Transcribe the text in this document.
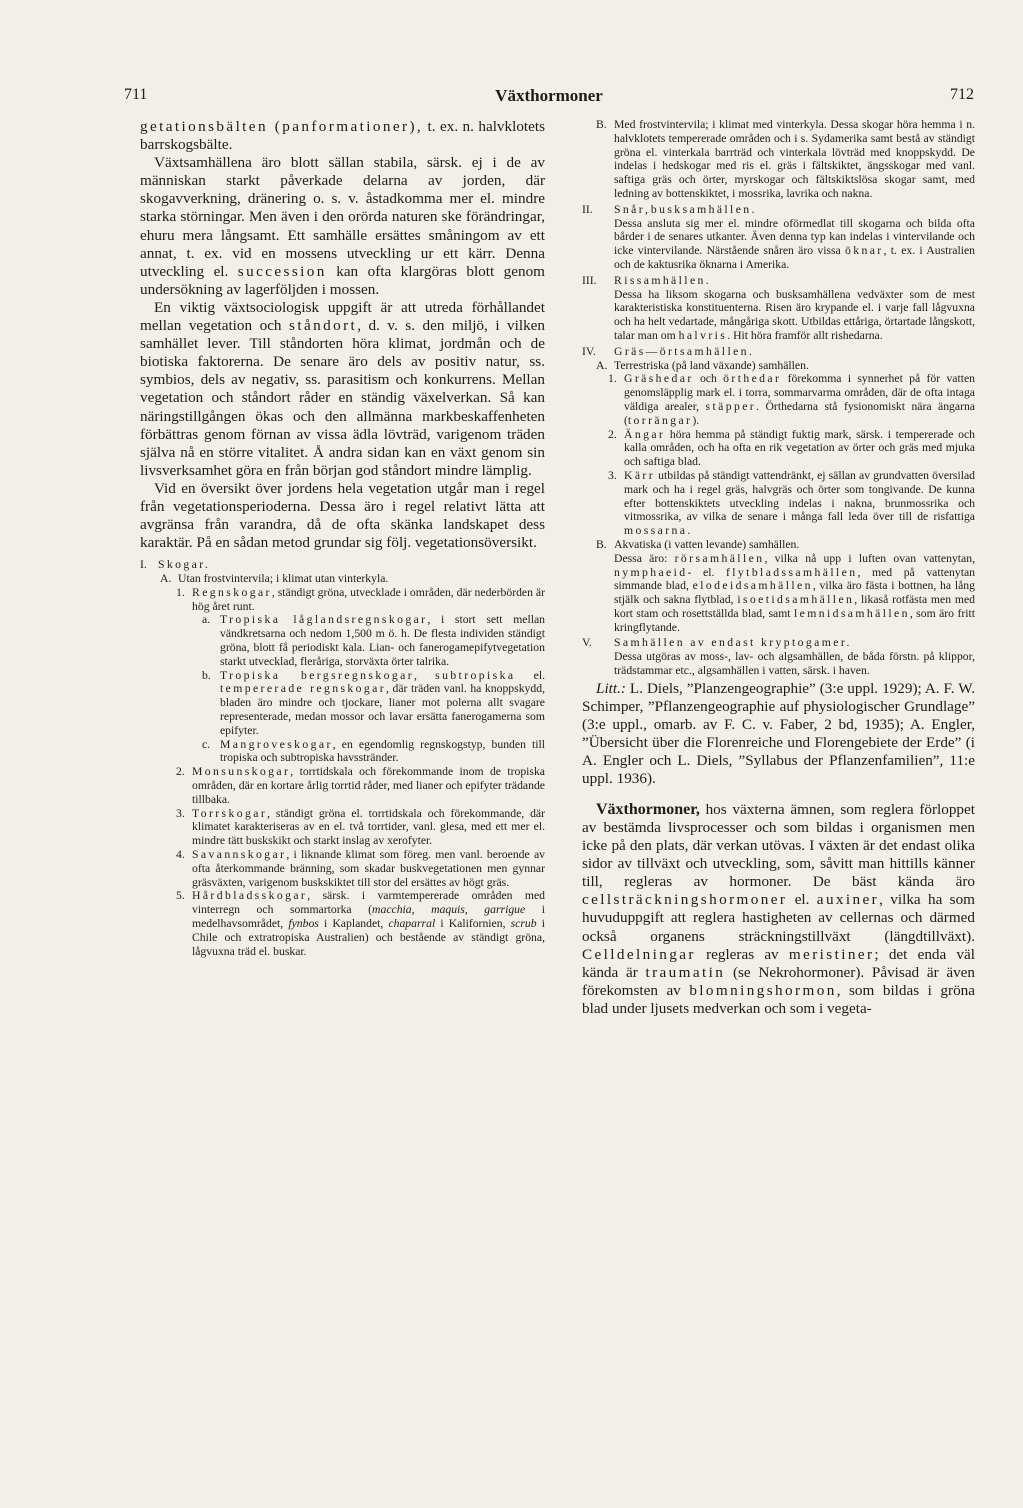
711	Växthormoner	712

getationsbälten (panformationer), t. ex. n. halvklotets barrskogsbälte.

Växtsamhällena äro blott sällan stabila, särsk. ej i de av människan starkt påverkade delarna av jorden, där skogavverkning, dränering o. s. v. åstadkomma mer el. mindre starka störningar. Men även i den orörda naturen ske förändringar, ehuru mera långsamt. Ett samhälle ersättes småningom av ett annat, t. ex. vid en mossens utveckling ur ett kärr. Denna utveckling el. succession kan ofta klargöras blott genom undersökning av lagerföljden i mossen.

En viktig växtsociologisk uppgift är att utreda förhållandet mellan vegetation och ståndort, d. v. s. den miljö, i vilken samhället lever. Till ståndorten höra klimat, jordmån och de biotiska faktorerna. De senare äro dels av positiv natur, ss. symbios, dels av negativ, ss. parasitism och konkurrens. Mellan vegetation och ståndort råder en ständig växelverkan. Så kan näringstillgången ökas och den allmänna markbeskaffenheten förbättras genom förnan av vissa ädla lövträd, varigenom träden själva nå en större vitalitet. Å andra sidan kan en växt genom sin livsverksamhet göra en från början god ståndort mindre lämplig.

Vid en översikt över jordens hela vegetation utgår man i regel från vegetationsperioderna. Dessa äro i regel relativt lätta att avgränsa från varandra, då de ofta skänka landskapet dess karaktär. På en sådan metod grundar sig följ. vegetationsöversikt.

I. Skogar.
A. Utan frostvintervila; i klimat utan vinterkyla.
1. Regnskogar, ständigt gröna, utvecklade i områden, där nederbörden är hög året runt.
a. Tropiska låglandsregnskogar, i stort sett mellan vändkretsarna och nedom 1,500 m ö. h. De flesta individen ständigt gröna, blott få periodiskt kala. Lian- och fanerogamepifytvegetation starkt utvecklad, fleråriga, storväxta örter talrika.
b. Tropiska bergsregnskogar, subtropiska el. tempererade regnskogar, där träden vanl. ha knoppskydd, bladen äro mindre och tjockare, lianer mot polerna allt svagare representerade, medan mossor och lavar ersätta fanerogamerna som epifyter.
c. Mangroveskogar, en egendomlig regnskogstyp, bunden till tropiska och subtropiska havsstränder.
2. Monsunskogar, torrtidskala och förekommande inom de tropiska områden, där en kortare årlig torrtid råder, med lianer och epifyter trädande tillbaka.
3. Torrskogar, ständigt gröna el. torrtidskala och förekommande, där klimatet karakteriseras av en el. två torrtider, vanl. glesa, med ett mer el. mindre tätt buskskikt och starkt inslag av xerofyter.
4. Savannskogar, i liknande klimat som föreg. men vanl. beroende av ofta återkommande bränning, som skadar buskvegetationen men gynnar gräsväxten, varigenom buskskiktet till stor del ersättes av högt gräs.
5. Hårdbladsskogar, särsk. i varmtempererade områden med vinterregn och sommartorka (macchia, maquis, garrigue i medelhavsområdet, fynbos i Kaplandet, chaparral i Kalifornien, scrub i Chile och extratropiska Australien) och bestående av ständigt gröna, lågvuxna träd el. buskar.
B. Med frostvintervila; i klimat med vinterkyla. Dessa skogar höra hemma i n. halvklotets tempererade områden och i s. Sydamerika samt bestå av ständigt gröna el. vinterkala barrträd och vinterkala lövträd med knoppskydd. De indelas i hedskogar med ris el. gräs i fältskiktet, ängsskogar med vanl. saftiga gräs och örter, myrskogar och fältskiktslösa skogar samt, med ledning av bottenskiktet, i mossrika, lavrika och nakna.
II.	Snår, busksamhällen.
Dessa ansluta sig mer el. mindre oförmedlat till skogarna och bilda ofta bårder i de senares utkanter. Även denna typ kan indelas i vintervilande och icke vintervilande. Närstående snåren äro vissa öknar, t. ex. i Australien och de kaktusrika öknarna i Amerika.
III.	Rissamhällen.
Dessa ha liksom skogarna och busksamhällena vedväxter som de mest karakteristiska konstituenterna. Risen äro krypande el. i varje fall lågvuxna och ha helt vedartade, mångåriga skott. Utbildas ettåriga, örtartade långskott, talar man om halvris. Hit höra framför allt rishedarna.
IV.	Gräs—örtsamhällen.
A. Terrestriska (på land växande) samhällen.
1. Gräshedar och örthedar förekomma i synnerhet på för vatten genomsläpplig mark el. i torra, sommarvarma områden, där de ofta intaga väldiga arealer, stäpper. Örthedarna stå fysionomiskt nära ängarna (torrängar).
2. Ängar höra hemma på ständigt fuktig mark, särsk. i tempererade och kalla områden, och ha ofta en rik vegetation av örter och gräs med mjuka och saftiga blad.
3. Kärr utbildas på ständigt vattendränkt, ej sällan av grundvatten översilad mark och ha i regel gräs, halvgräs och örter som tongivande. De kunna efter bottenskiktets utveckling indelas i nakna, brunmossrika och vitmossrika, av vilka de senare i många fall leda över till de risfattiga mossarna.
B. Akvatiska (i vatten levande) samhällen.
Dessa äro: rörsamhällen, vilka nå upp i luften ovan vattenytan, nymphaeid- el. flytbladssamhällen, med på vattenytan simmande blad, elodeidsamhällen, vilka äro fästa i bottnen, ha lång stjälk och sakna flytblad, isoetidsamhällen, likaså rotfästa men med kort stam och rosettställda blad, samt lemnidsamhällen, som äro fritt kringflytande.
V.	Samhällen av endast kryptogamer.
Dessa utgöras av moss-, lav- och algsamhällen, de båda förstn. på klippor, trädstammar etc., algsamhällen i vatten, särsk. i haven.

Litt.: L. Diels, ”Planzengeographie” (3:e uppl. 1929); A. F. W. Schimper, ”Pflanzengeographie auf physiologischer Grundlage” (3:e uppl., omarb. av F. C. v. Faber, 2 bd, 1935); A. Engler, ”Übersicht über die Florenreiche und Florengebiete der Erde” (i A. Engler och L. Diels, ”Syllabus der Pflanzenfamilien”, 11:e uppl. 1936).

Växthormoner, hos växterna ämnen, som reglera förloppet av bestämda livsprocesser och som bildas i organismen men icke på den plats, där verkan utövas. I växten är det endast olika sidor av tillväxt och utveckling, som, såvitt man hittills känner till, regleras av hormoner. De bäst kända äro cellsträckningshormoner el. auxiner, vilka ha som huvuduppgift att reglera hastigheten av cellernas och därmed också organens sträckningstillväxt (längdtillväxt). Celldelningar regleras av meristiner; det enda väl kända är traumatin (se Nekrohormoner). Påvisad är även förekomsten av blomningshormon, som bildas i gröna blad under ljusets medverkan och som i vegeta-
